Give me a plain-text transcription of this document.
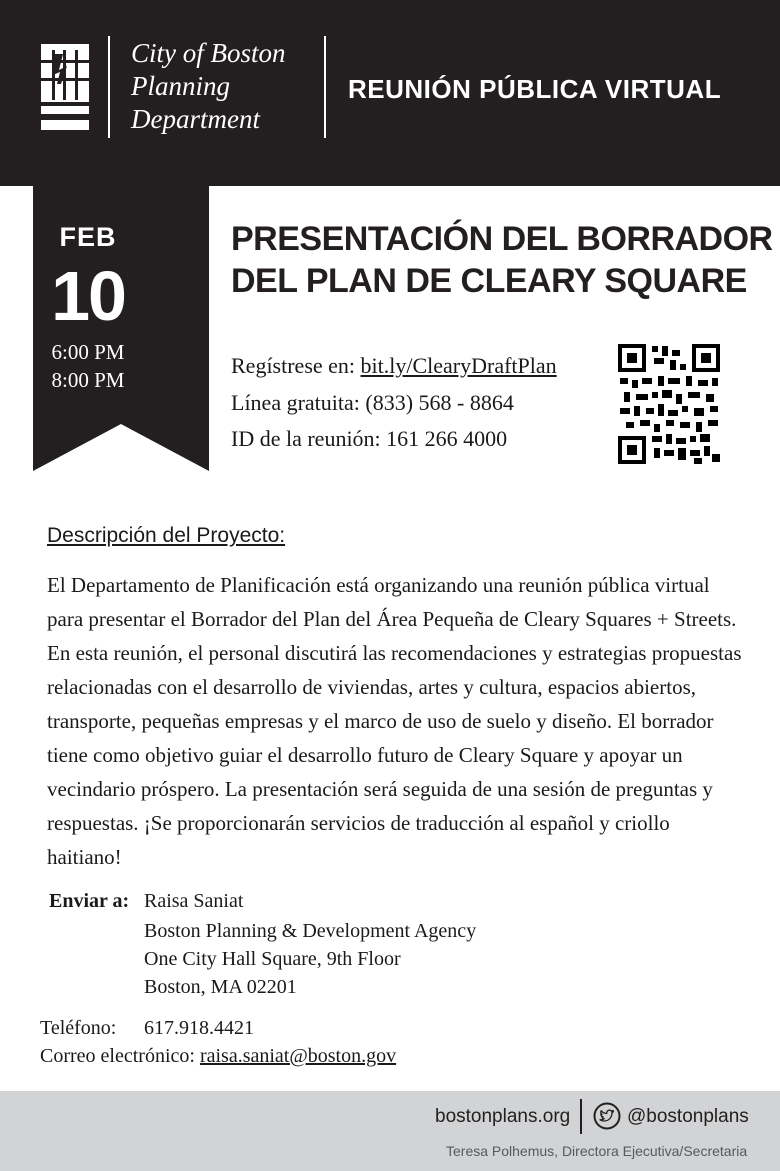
City of Boston
Planning
Department
REUNIÓN PÚBLICA VIRTUAL
FEB
10
6:00 PM
8:00 PM
PRESENTACIÓN DEL BORRADOR
DEL PLAN DE CLEARY SQUARE
Regístrese en: bit.ly/ClearyDraftPlan
Línea gratuita: (833) 568 - 8864
ID de la reunión: 161 266 4000
Descripción del Proyecto:
El Departamento de Planificación está organizando una reunión pública virtual para presentar el Borrador del Plan del Área Pequeña de Cleary Squares + Streets. En esta reunión, el personal discutirá las recomendaciones y estrategias propuestas relacionadas con el desarrollo de viviendas, artes y cultura, espacios abiertos, transporte, pequeñas empresas y el marco de uso de suelo y diseño. El borrador tiene como objetivo guiar el desarrollo futuro de Cleary Square y apoyar un vecindario próspero. La presentación será seguida de una sesión de preguntas y respuestas. ¡Se proporcionarán servicios de traducción al español y criollo haitiano!
Enviar a: Raisa Saniat
Boston Planning & Development Agency
One City Hall Square, 9th Floor
Boston, MA 02201
Teléfono: 617.918.4421
Correo electrónico: raisa.saniat@boston.gov
bostonplans.org	@bostonplans
Teresa Polhemus, Directora Ejecutiva/Secretaria
